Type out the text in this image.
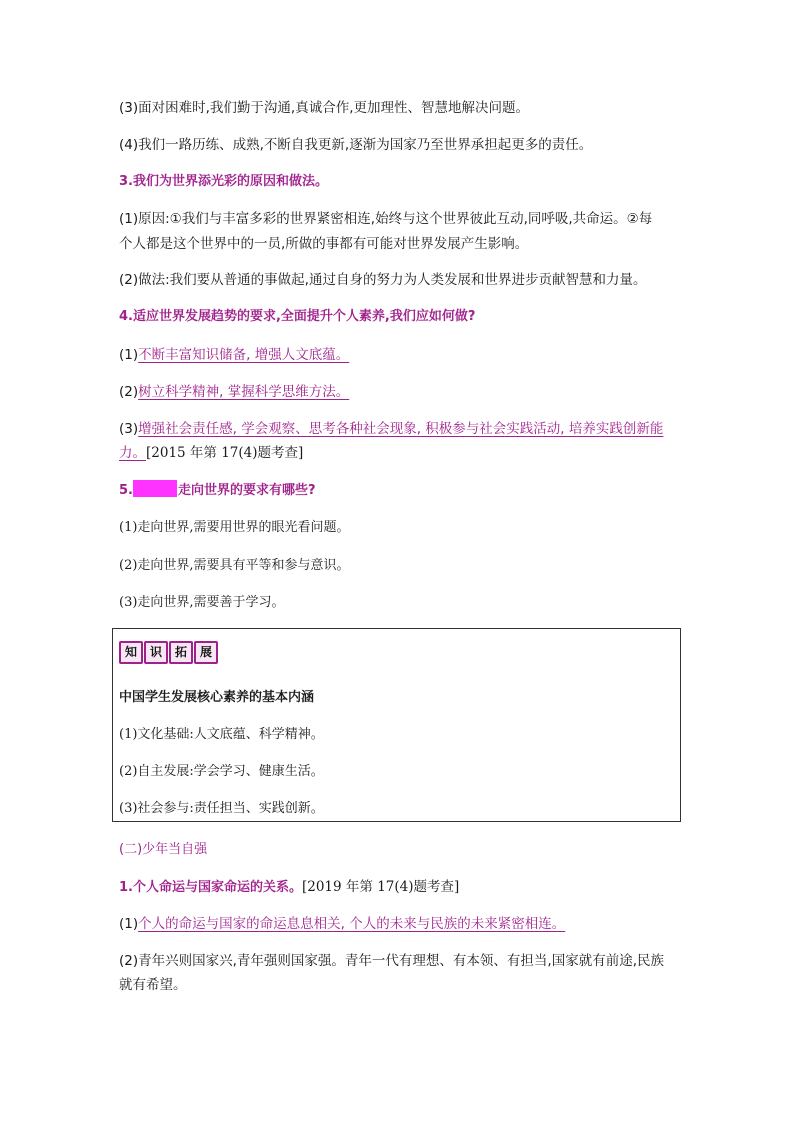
(3)面对困难时,我们勤于沟通,真诚合作,更加理性、智慧地解决问题。
(4)我们一路历练、成熟,不断自我更新,逐渐为国家乃至世界承担起更多的责任。
3.我们为世界添光彩的原因和做法。
(1)原因:①我们与丰富多彩的世界紧密相连,始终与这个世界彼此互动,同呼吸,共命运。②每
个人都是这个世界中的一员,所做的事都有可能对世界发展产生影响。
(2)做法:我们要从普通的事做起,通过自身的努力为人类发展和世界进步贡献智慧和力量。
4.适应世界发展趋势的要求,全面提升个人素养,我们应如何做?
(1)不断丰富知识储备, 增强人文底蕴。
(2)树立科学精神, 掌握科学思维方法。
(3)增强社会责任感, 学会观察、思考各种社会现象, 积极参与社会实践活动, 培养实践创新能
力。[2015 年第 17(4)题考查]
5.	走向世界的要求有哪些?
(1)走向世界,需要用世界的眼光看问题。
(2)走向世界,需要具有平等和参与意识。
(3)走向世界,需要善于学习。
知	识	拓	展
中国学生发展核心素养的基本内涵
(1)文化基础:人文底蕴、科学精神。
(2)自主发展:学会学习、健康生活。
(3)社会参与:责任担当、实践创新。
(二)少年当自强
1.个人命运与国家命运的关系。[2019 年第 17(4)题考查]
(1)个人的命运与国家的命运息息相关, 个人的未来与民族的未来紧密相连。
(2)青年兴则国家兴,青年强则国家强。青年一代有理想、有本领、有担当,国家就有前途,民族
就有希望。
